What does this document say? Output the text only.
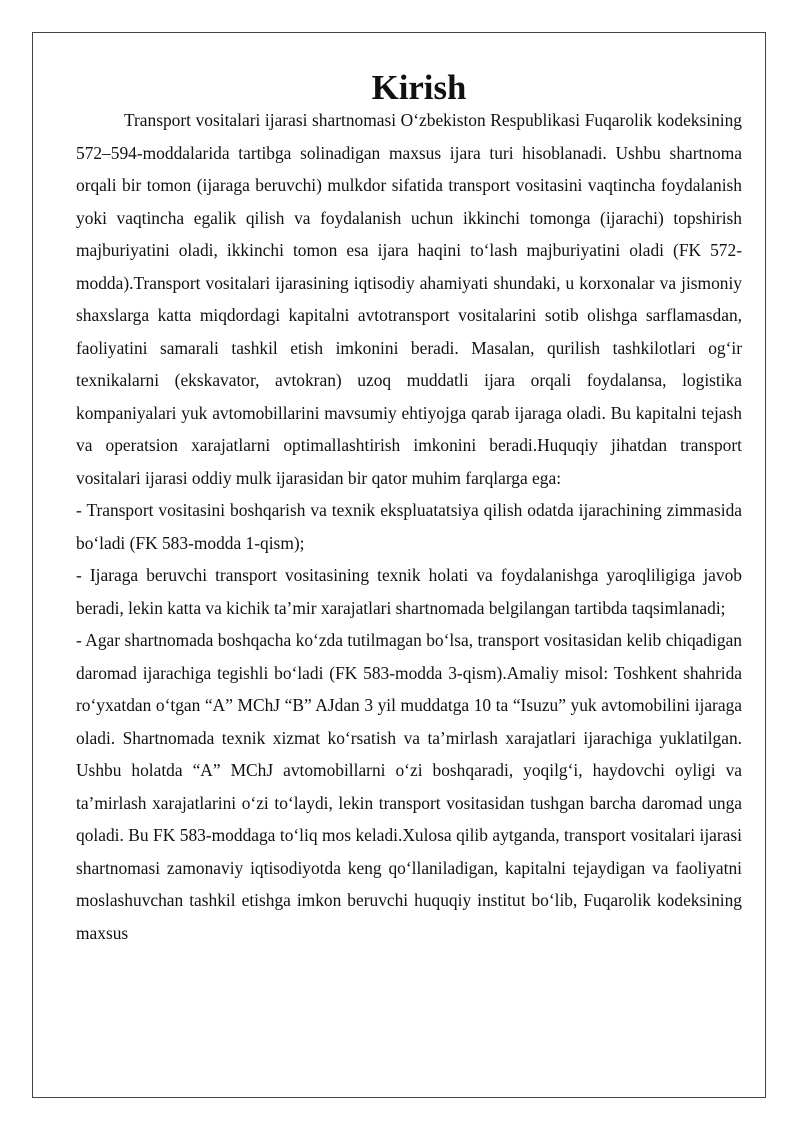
Kirish

Transport vositalari ijarasi shartnomasi O‘zbekiston Respublikasi Fuqarolik kodeksining 572–594-moddalarida tartibga solinadigan maxsus ijara turi hisoblanadi. Ushbu shartnoma orqali bir tomon (ijaraga beruvchi) mulkdor sifatida transport vositasini vaqtincha foydalanish yoki vaqtincha egalik qilish va foydalanish uchun ikkinchi tomonga (ijarachi) topshirish majburiyatini oladi, ikkinchi tomon esa ijara haqini to‘lash majburiyatini oladi (FK 572-modda).Transport vositalari ijarasining iqtisodiy ahamiyati shundaki, u korxonalar va jismoniy shaxslarga katta miqdordagi kapitalni avtotransport vositalarini sotib olishga sarflamasdan, faoliyatini samarali tashkil etish imkonini beradi. Masalan, qurilish tashkilotlari og‘ir texnikalarni (ekskavator, avtokran) uzoq muddatli ijara orqali foydalansa, logistika kompaniyalari yuk avtomobillarini mavsumiy ehtiyojga qarab ijaraga oladi. Bu kapitalni tejash va operatsion xarajatlarni optimallashtirish imkonini beradi.Huquqiy jihatdan transport vositalari ijarasi oddiy mulk ijarasidan bir qator muhim farqlarga ega:

- Transport vositasini boshqarish va texnik ekspluatatsiya qilish odatda ijarachining zimmasida bo‘ladi (FK 583-modda 1-qism);

- Ijaraga beruvchi transport vositasining texnik holati va foydalanishga yaroqliligiga javob beradi, lekin katta va kichik ta’mir xarajatlari shartnomada belgilangan tartibda taqsimlanadi;

- Agar shartnomada boshqacha ko‘zda tutilmagan bo‘lsa, transport vositasidan kelib chiqadigan daromad ijarachiga tegishli bo‘ladi (FK 583-modda 3-qism).Amaliy misol: Toshkent shahrida ro‘yxatdan o‘tgan “A” MChJ “B” AJdan 3 yil muddatga 10 ta “Isuzu” yuk avtomobilini ijaraga oladi. Shartnomada texnik xizmat ko‘rsatish va ta’mirlash xarajatlari ijarachiga yuklatilgan. Ushbu holatda “A” MChJ avtomobillarni o‘zi boshqaradi, yoqilg‘i, haydovchi oyligi va ta’mirlash xarajatlarini o‘zi to‘laydi, lekin transport vositasidan tushgan barcha daromad unga qoladi. Bu FK 583-moddaga to‘liq mos keladi.Xulosa qilib aytganda, transport vositalari ijarasi shartnomasi zamonaviy iqtisodiyotda keng qo‘llaniladigan, kapitalni tejaydigan va faoliyatni moslashuvchan tashkil etishga imkon beruvchi huquqiy institut bo‘lib, Fuqarolik kodeksining maxsus
